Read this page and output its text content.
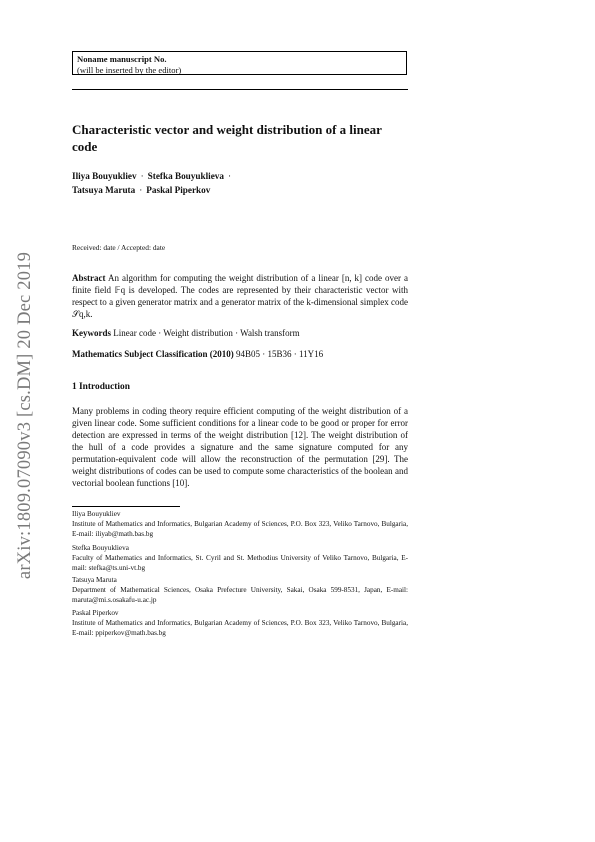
arXiv:1809.07090v3 [cs.DM] 20 Dec 2019
Noname manuscript No.
(will be inserted by the editor)
Characteristic vector and weight distribution of a linear code
Iliya Bouyukliev · Stefka Bouyuklieva ·
Tatsuya Maruta · Paskal Piperkov
Received: date / Accepted: date
Abstract An algorithm for computing the weight distribution of a linear [n, k] code over a finite field 𝔽q is developed. The codes are represented by their characteristic vector with respect to a given generator matrix and a generator matrix of the k-dimensional simplex code 𝒮q,k.
Keywords Linear code · Weight distribution · Walsh transform
Mathematics Subject Classification (2010) 94B05 · 15B36 · 11Y16
1 Introduction
Many problems in coding theory require efficient computing of the weight distribution of a given linear code. Some sufficient conditions for a linear code to be good or proper for error detection are expressed in terms of the weight distribution [12]. The weight distribution of the hull of a code provides a signature and the same signature computed for any permutation-equivalent code will allow the reconstruction of the permutation [29]. The weight distributions of codes can be used to compute some characteristics of the boolean and vectorial boolean functions [10].
Iliya Bouyukliev
Institute of Mathematics and Informatics, Bulgarian Academy of Sciences, P.O. Box 323, Veliko Tarnovo, Bulgaria, E-mail: iliyab@math.bas.bg
Stefka Bouyuklieva
Faculty of Mathematics and Informatics, St. Cyril and St. Methodius University of Veliko Tarnovo, Bulgaria, E-mail: stefka@ts.uni-vt.bg
Tatsuya Maruta
Department of Mathematical Sciences, Osaka Prefecture University, Sakai, Osaka 599-8531, Japan, E-mail: maruta@mi.s.osakafu-u.ac.jp
Paskal Piperkov
Institute of Mathematics and Informatics, Bulgarian Academy of Sciences, P.O. Box 323, Veliko Tarnovo, Bulgaria, E-mail: ppiperkov@math.bas.bg
